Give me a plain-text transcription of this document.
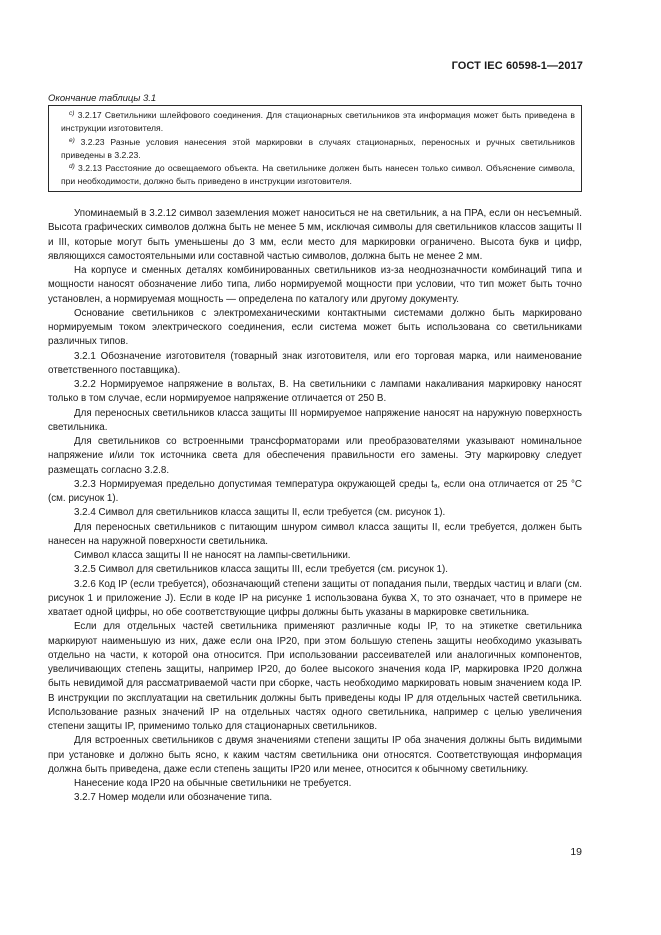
ГОСТ IEC 60598-1—2017
Окончание таблицы 3.1
$^{c)}$ 3.2.17 Светильники шлейфового соединения. Для стационарных светильников эта информация может быть приведена в инструкции изготовителя.
$^{e)}$ 3.2.23 Разные условия нанесения этой маркировки в случаях стационарных, переносных и ручных светильников приведены в 3.2.23.
$^{d)}$ 3.2.13 Расстояние до освещаемого объекта. На светильнике должен быть нанесен только символ. Объяснение символа, при необходимости, должно быть приведено в инструкции изготовителя.

Упоминаемый в 3.2.12 символ заземления может наноситься не на светильник, а на ПРА, если он несъемный. Высота графических символов должна быть не менее 5 мм, исключая символы для светильников классов защиты II и III, которые могут быть уменьшены до 3 мм, если место для маркировки ограничено. Высота букв и цифр, являющихся самостоятельными или составной частью символов, должна быть не менее 2 мм.

На корпусе и сменных деталях комбинированных светильников из-за неоднозначности комбинаций типа и мощности наносят обозначение либо типа, либо нормируемой мощности при условии, что тип может быть точно установлен, а нормируемая мощность — определена по каталогу или другому документу.

Основание светильников с электромеханическими контактными системами должно быть маркировано нормируемым током электрического соединения, если система может быть использована со светильниками различных типов.

3.2.1 Обозначение изготовителя (товарный знак изготовителя, или его торговая марка, или наименование ответственного поставщика).

3.2.2 Нормируемое напряжение в вольтах, В. На светильники с лампами накаливания маркировку наносят только в том случае, если нормируемое напряжение отличается от 250 В.

Для переносных светильников класса защиты III нормируемое напряжение наносят на наружную поверхность светильника.

Для светильников со встроенными трансформаторами или преобразователями указывают номинальное напряжение и/или ток источника света для обеспечения правильности его замены. Эту маркировку следует размещать согласно 3.2.8.

3.2.3 Нормируемая предельно допустимая температура окружающей среды tₐ, если она отличается от 25 °С (см. рисунок 1).

3.2.4 Символ для светильников класса защиты II, если требуется (см. рисунок 1).

Для переносных светильников с питающим шнуром символ класса защиты II, если требуется, должен быть нанесен на наружной поверхности светильника.

Символ класса защиты II не наносят на лампы-светильники.

3.2.5 Символ для светильников класса защиты III, если требуется (см. рисунок 1).

3.2.6 Код IP (если требуется), обозначающий степени защиты от попадания пыли, твердых частиц и влаги (см. рисунок 1 и приложение J). Если в коде IP на рисунке 1 использована буква X, то это означает, что в примере не хватает одной цифры, но обе соответствующие цифры должны быть указаны в маркировке светильника.

Если для отдельных частей светильника применяют различные коды IP, то на этикетке светильника маркируют наименьшую из них, даже если она IP20, при этом большую степень защиты необходимо указывать отдельно на части, к которой она относится. При использовании рассеивателей или аналогичных компонентов, увеличивающих степень защиты, например IP20, до более высокого значения кода IP, маркировка IP20 должна быть невидимой для рассматриваемой части при сборке, часть необходимо маркировать новым значением кода IP. В инструкции по эксплуатации на светильник должны быть приведены коды IP для отдельных частей светильника. Использование разных значений IP на отдельных частях одного светильника, например с целью увеличения степени защиты IP, применимо только для стационарных светильников.

Для встроенных светильников с двумя значениями степени защиты IP оба значения должны быть видимыми при установке и должно быть ясно, к каким частям светильника они относятся. Соответствующая информация должна быть приведена, даже если степень защиты IP20 или менее, относится к обычному светильнику.

Нанесение кода IP20 на обычные светильники не требуется.

3.2.7 Номер модели или обозначение типа.

19
